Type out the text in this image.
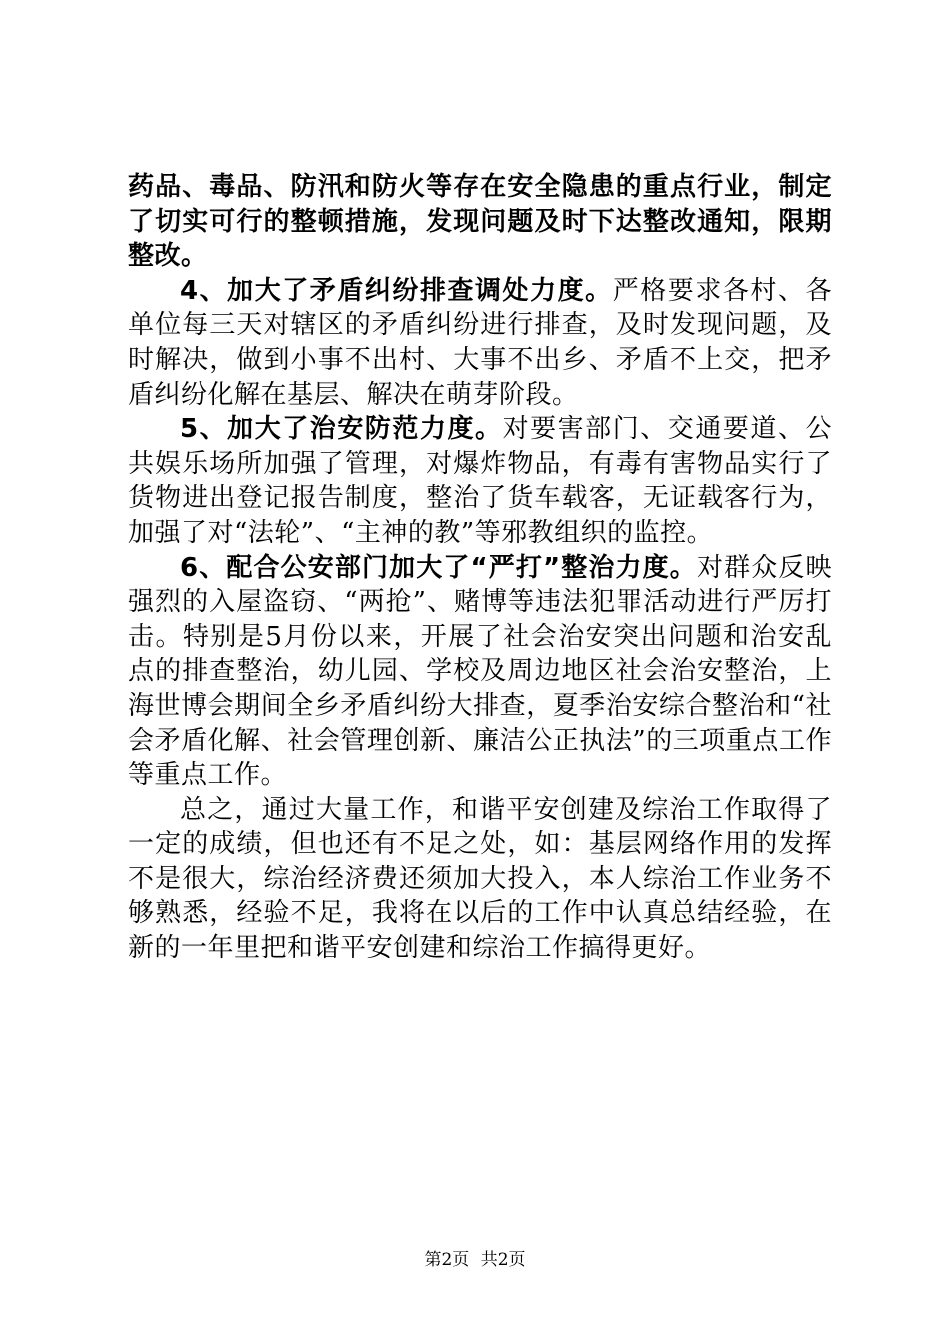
药品、毒品、防汛和防火等存在安全隐患的重点行业，制定了切实可行的整顿措施，发现问题及时下达整改通知，限期整改。

4、加大了矛盾纠纷排查调处力度。严格要求各村、各单位每三天对辖区的矛盾纠纷进行排查，及时发现问题，及时解决，做到小事不出村、大事不出乡、矛盾不上交，把矛盾纠纷化解在基层、解决在萌芽阶段。

5、加大了治安防范力度。对要害部门、交通要道、公共娱乐场所加强了管理，对爆炸物品，有毒有害物品实行了货物进出登记报告制度，整治了货车载客，无证载客行为，加强了对“法轮”、“主神的教”等邪教组织的监控。

6、配合公安部门加大了“严打”整治力度。对群众反映强烈的入屋盗窃、“两抢”、赌博等违法犯罪活动进行严厉打击。特别是5月份以来，开展了社会治安突出问题和治安乱点的排查整治，幼儿园、学校及周边地区社会治安整治，上海世博会期间全乡矛盾纠纷大排查，夏季治安综合整治和“社会矛盾化解、社会管理创新、廉洁公正执法”的三项重点工作等重点工作。

总之，通过大量工作，和谐平安创建及综治工作取得了一定的成绩，但也还有不足之处，如：基层网络作用的发挥不是很大，综治经济费还须加大投入，本人综治工作业务不够熟悉，经验不足，我将在以后的工作中认真总结经验，在新的一年里把和谐平安创建和综治工作搞得更好。

第2页 共2页
